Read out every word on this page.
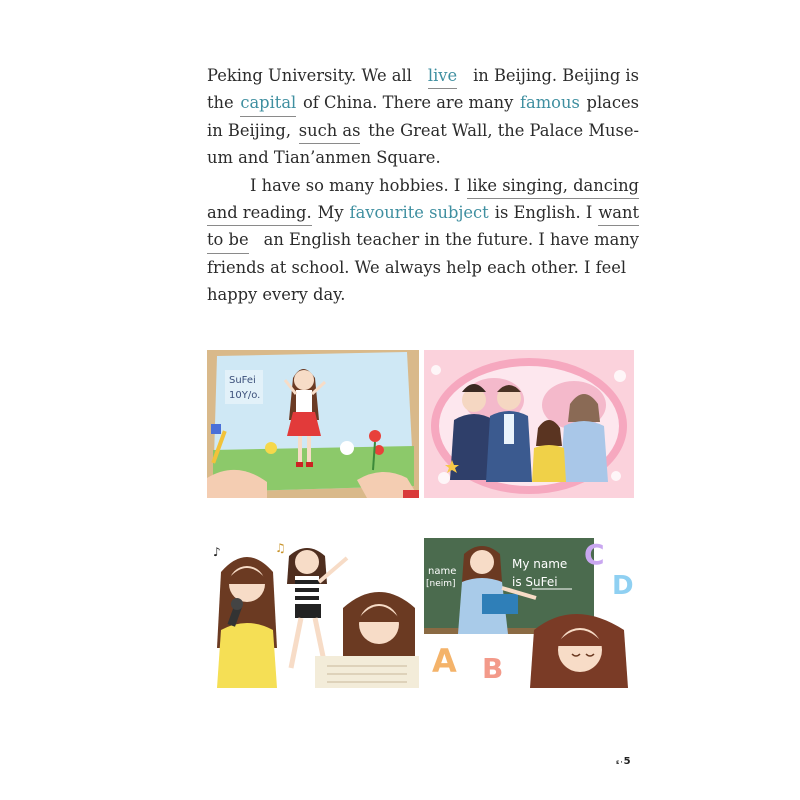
Peking University. We all live in Beijing. Beijing is
the capital of China. There are many famous places
in Beijing, such as the Great Wall, the Palace Muse-
um and Tian’anmen Square.
I have so many hobbies. I like singing, dancing
and reading. My favourite subject is English. I want
to be an English teacher in the future. I have many
friends at school. We always help each other. I feel
happy every day.
SuFei
10Y/o.
♪	♫
name
[neim]
My name
is SuFei
C
D
A B
ɛ·5
